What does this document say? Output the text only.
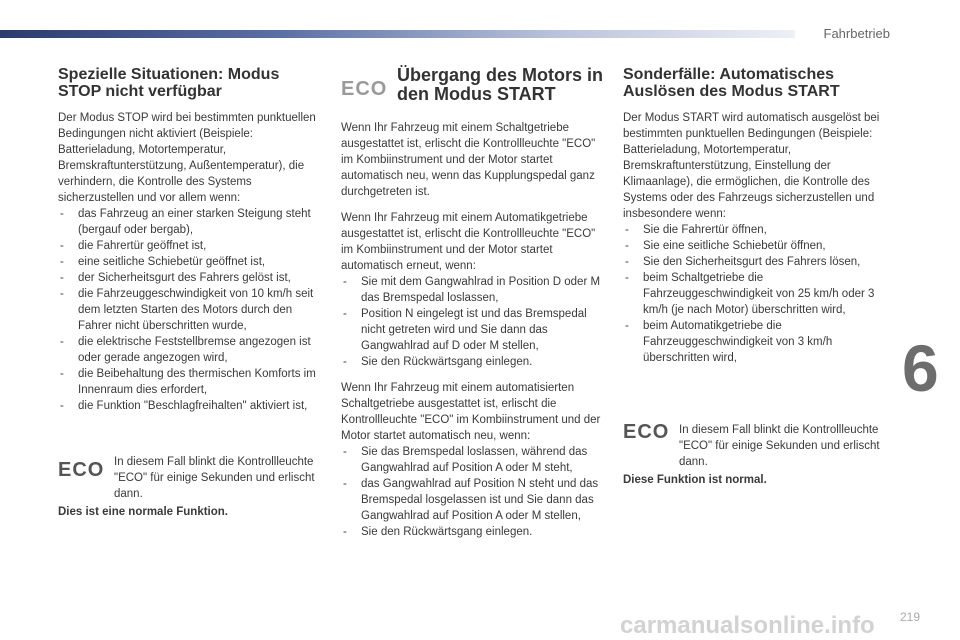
Fahrbetrieb
6
Spezielle Situationen: Modus STOP nicht verfügbar

Der Modus STOP wird bei bestimmten punktuellen Bedingungen nicht aktiviert (Beispiele: Batterieladung, Motortemperatur, Bremskraftunterstützung, Außentemperatur), die verhindern, die Kontrolle des Systems sicherzustellen und vor allem wenn:

- das Fahrzeug an einer starken Steigung steht (bergauf oder bergab),
- die Fahrertür geöffnet ist,
- eine seitliche Schiebetür geöffnet ist,
- der Sicherheitsgurt des Fahrers gelöst ist,
- die Fahrzeuggeschwindigkeit von 10 km/h seit dem letzten Starten des Motors durch den Fahrer nicht überschritten wurde,
- die elektrische Feststellbremse angezogen ist oder gerade angezogen wird,
- die Beibehaltung des thermischen Komforts im Innenraum dies erfordert,
- die Funktion "Beschlagfreihalten" aktiviert ist,
ECO In diesem Fall blinkt die Kontrollleuchte "ECO" für einige Sekunden und erlischt dann.

Dies ist eine normale Funktion.

ECO
Übergang des Motors in den Modus START

Wenn Ihr Fahrzeug mit einem Schaltgetriebe ausgestattet ist, erlischt die Kontrollleuchte "ECO" im Kombiinstrument und der Motor startet automatisch neu, wenn das Kupplungspedal ganz durchgetreten ist.

Wenn Ihr Fahrzeug mit einem Automatikgetriebe ausgestattet ist, erlischt die Kontrollleuchte "ECO" im Kombiinstrument und der Motor startet automatisch erneut, wenn:

- Sie mit dem Gangwahlrad in Position D oder M das Bremspedal loslassen,
- Position N eingelegt ist und das Bremspedal nicht getreten wird und Sie dann das Gangwahlrad auf D oder M stellen,
- Sie den Rückwärtsgang einlegen.

Wenn Ihr Fahrzeug mit einem automatisierten Schaltgetriebe ausgestattet ist, erlischt die Kontrollleuchte "ECO" im Kombiinstrument und der Motor startet automatisch neu, wenn:

- Sie das Bremspedal loslassen, während das Gangwahlrad auf Position A oder M steht,
- das Gangwahlrad auf Position N steht und das Bremspedal losgelassen ist und Sie dann das Gangwahlrad auf Position A oder M stellen,
- Sie den Rückwärtsgang einlegen.
Sonderfälle: Automatisches Auslösen des Modus START

Der Modus START wird automatisch ausgelöst bei bestimmten punktuellen Bedingungen (Beispiele: Batterieladung, Motortemperatur, Bremskraftunterstützung, Einstellung der Klimaanlage), die ermöglichen, die Kontrolle des Systems oder des Fahrzeugs sicherzustellen und insbesondere wenn:

- Sie die Fahrertür öffnen,
- Sie eine seitliche Schiebetür öffnen,
- Sie den Sicherheitsgurt des Fahrers lösen,
- beim Schaltgetriebe die Fahrzeuggeschwindigkeit von 25 km/h oder 3 km/h (je nach Motor) überschritten wird,
- beim Automatikgetriebe die Fahrzeuggeschwindigkeit von 3 km/h überschritten wird,
ECO In diesem Fall blinkt die Kontrollleuchte "ECO" für einige Sekunden und erlischt dann.

Diese Funktion ist normal.

carmanualsonline.info 219
